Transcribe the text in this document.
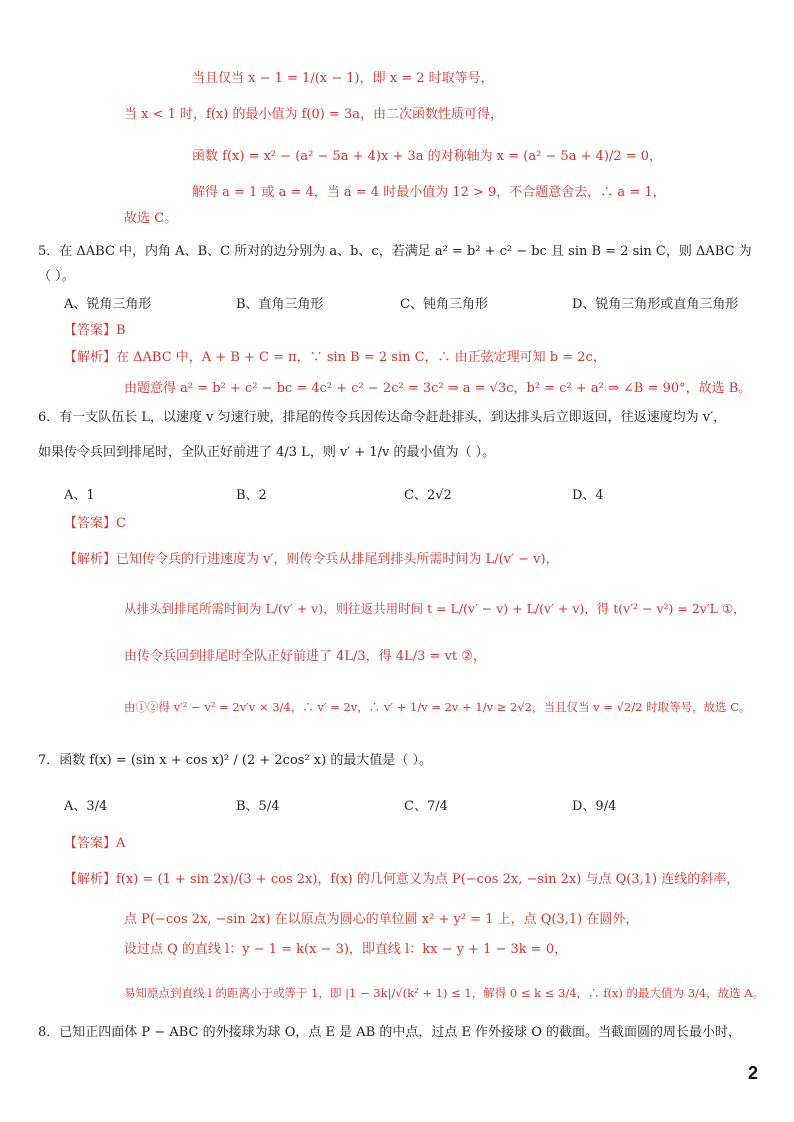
当且仅当 x − 1 = 1/(x − 1)，即 x = 2 时取等号，
当 x < 1 时，f(x) 的最小值为 f(0) = 3a，由二次函数性质可得，
函数 f(x) = x² − (a² − 5a + 4)x + 3a 的对称轴为 x = (a² − 5a + 4)/2 = 0，
解得 a = 1 或 a = 4，当 a = 4 时最小值为 12 > 9，不合题意舍去，∴ a = 1，
故选 C。
5．在 ΔABC 中，内角 A、B、C 所对的边分别为 a、b、c，若满足 a² = b² + c² − bc 且 sin B = 2 sin C，则 ΔABC 为
（ ）。
A、锐角三角形	B、直角三角形	C、钝角三角形	D、锐角三角形或直角三角形
【答案】B
【解析】在 ΔABC 中，A + B + C = π，∵ sin B = 2 sin C，∴ 由正弦定理可知 b = 2c，
由题意得 a² = b² + c² − bc = 4c² + c² − 2c² = 3c² ⇒ a = √3c，b² = c² + a² ⇒ ∠B = 90°，故选 B。
6．有一支队伍长 L，以速度 v 匀速行驶，排尾的传令兵因传达命令赶赴排头，到达排头后立即返回，往返速度均为 v′，
如果传令兵回到排尾时，全队正好前进了 4/3 L，则 v′ + 1/v 的最小值为（ ）。
A、1	B、2	C、2√2	D、4
【答案】C
【解析】已知传令兵的行进速度为 v′，则传令兵从排尾到排头所需时间为 L/(v′ − v)，
从排头到排尾所需时间为 L/(v′ + v)，则往返共用时间 t = L/(v′ − v) + L/(v′ + v)，得 t(v′² − v²) = 2v′L ①，
由传令兵回到排尾时全队正好前进了 4L/3，得 4L/3 = vt ②，
由①②得 v′² − v² = 2v′v × 3/4，∴ v′ = 2v，∴ v′ + 1/v = 2v + 1/v ≥ 2√2，当且仅当 v = √2/2 时取等号，故选 C。
7．函数 f(x) = (sin x + cos x)² / (2 + 2cos² x) 的最大值是（ ）。
A、3/4	B、5/4	C、7/4	D、9/4
【答案】A
【解析】f(x) = (1 + sin 2x)/(3 + cos 2x)，f(x) 的几何意义为点 P(−cos 2x, −sin 2x) 与点 Q(3,1) 连线的斜率，
点 P(−cos 2x, −sin 2x) 在以原点为圆心的单位圆 x² + y² = 1 上，点 Q(3,1) 在圆外，
设过点 Q 的直线 l：y − 1 = k(x − 3)，即直线 l：kx − y + 1 − 3k = 0，
易知原点到直线 l 的距离小于或等于 1，即 |1 − 3k|/√(k² + 1) ≤ 1，解得 0 ≤ k ≤ 3/4，∴ f(x) 的最大值为 3/4，故选 A。
8．已知正四面体 P − ABC 的外接球为球 O，点 E 是 AB 的中点，过点 E 作外接球 O 的截面。当截面圆的周长最小时，
2
